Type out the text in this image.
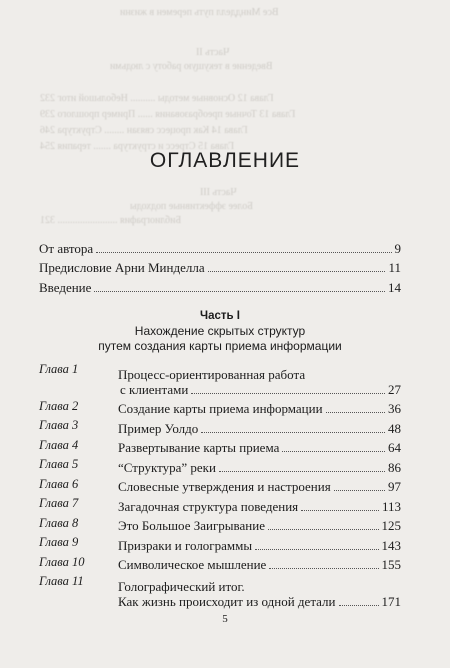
Все Миндделл путь перемен в жизни
Часть II
Введение в текущую работу с людьми
Глава 12 Основные методы .......... Небольшой итог 232
Глава 13 Точные преобразования ...... Пример прошлого 239
Глава 14 Как процесс связан ........ Структура 246
Глава 15 Стресс и структура ....... терапия 254
Часть III
Более эффективные подходы
Библиография ........................ 321
ОГЛАВЛЕНИЕ
От автора	9
Предисловие Арни Минделла	11
Введение	14
Часть I
Нахождение скрытых структур
путем создания карты приема информации
Глава 1	Процесс-ориентированная работа
с клиентами	27
Глава 2	Создание карты приема информации	36
Глава 3	Пример Уолдо	48
Глава 4	Развертывание карты приема	64
Глава 5	“Структура” реки	86
Глава 6	Словесные утверждения и настроения	97
Глава 7	Загадочная структура поведения	113
Глава 8	Это Большое Заигрывание	125
Глава 9	Призраки и голограммы	143
Глава 10	Символическое мышление	155
Глава 11	Голографический итог.
Как жизнь происходит из одной детали	171
5
